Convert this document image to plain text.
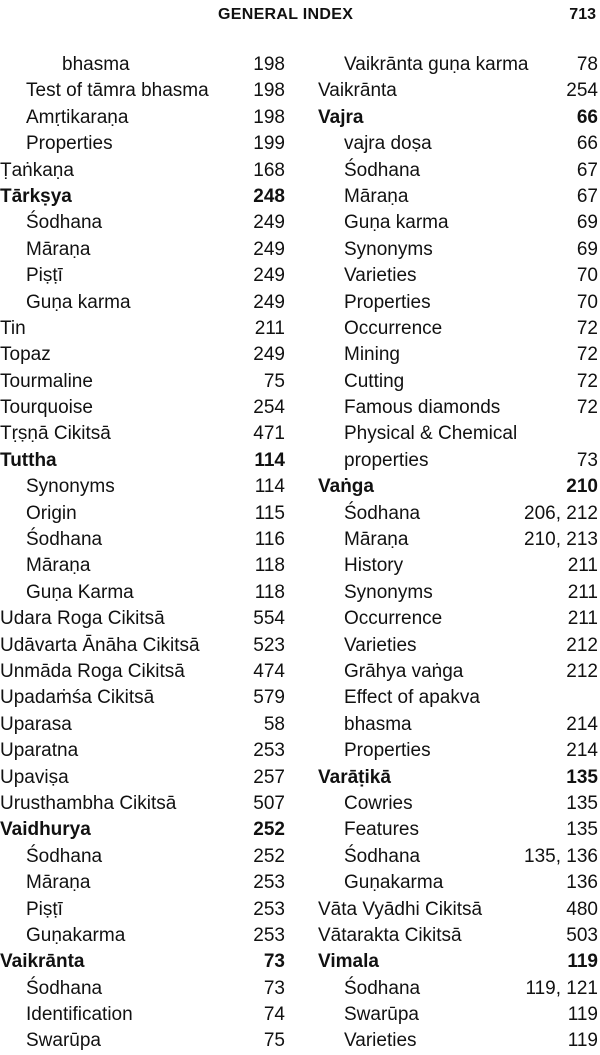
GENERAL INDEX	713
bhasma	198
Test of tāmra bhasma 198
Amṛtikaraṇa	198
Properties	199
Ṭaṅkaṇa	168
Tārkṣya	248
Śodhana	249
Māraṇa	249
Piṣṭī	249
Guṇa karma	249
Tin	211
Topaz	249
Tourmaline	75
Tourquoise	254
Tṛṣṇā Cikitsā	471
Tuttha	114
Synonyms	114
Origin	115
Śodhana	116
Māraṇa	118
Guṇa Karma	118
Udara Roga Cikitsā	554
Udāvarta Ānāha Cikitsā	523
Unmāda Roga Cikitsā	474
Upadaṁśa Cikitsā	579
Uparasa	58
Uparatna	253
Upaviṣa	257
Urusthambha Cikitsā	507
Vaidhurya	252
Śodhana	252
Māraṇa	253
Piṣṭī	253
Guṇakarma	253
Vaikrānta	73
Śodhana	73
Identification	74
Swarūpa	75
Vaikrānta guṇa karma	78
Vaikrānta	254
Vajra	66
vajra doṣa	66
Śodhana	67
Māraṇa	67
Guṇa karma	69
Synonyms	69
Varieties	70
Properties	70
Occurrence	72
Mining	72
Cutting	72
Famous diamonds	72
Physical & Chemical
properties	73
Vaṅga	210
Śodhana	206, 212
Māraṇa	210, 213
History	211
Synonyms	211
Occurrence	211
Varieties	212
Grāhya vaṅga	212
Effect of apakva
bhasma	214
Properties	214
Varāṭikā	135
Cowries	135
Features	135
Śodhana	135, 136
Guṇakarma	136
Vāta Vyādhi Cikitsā	480
Vātarakta Cikitsā	503
Vimala	119
Śodhana	119, 121
Swarūpa	119
Varieties	119
